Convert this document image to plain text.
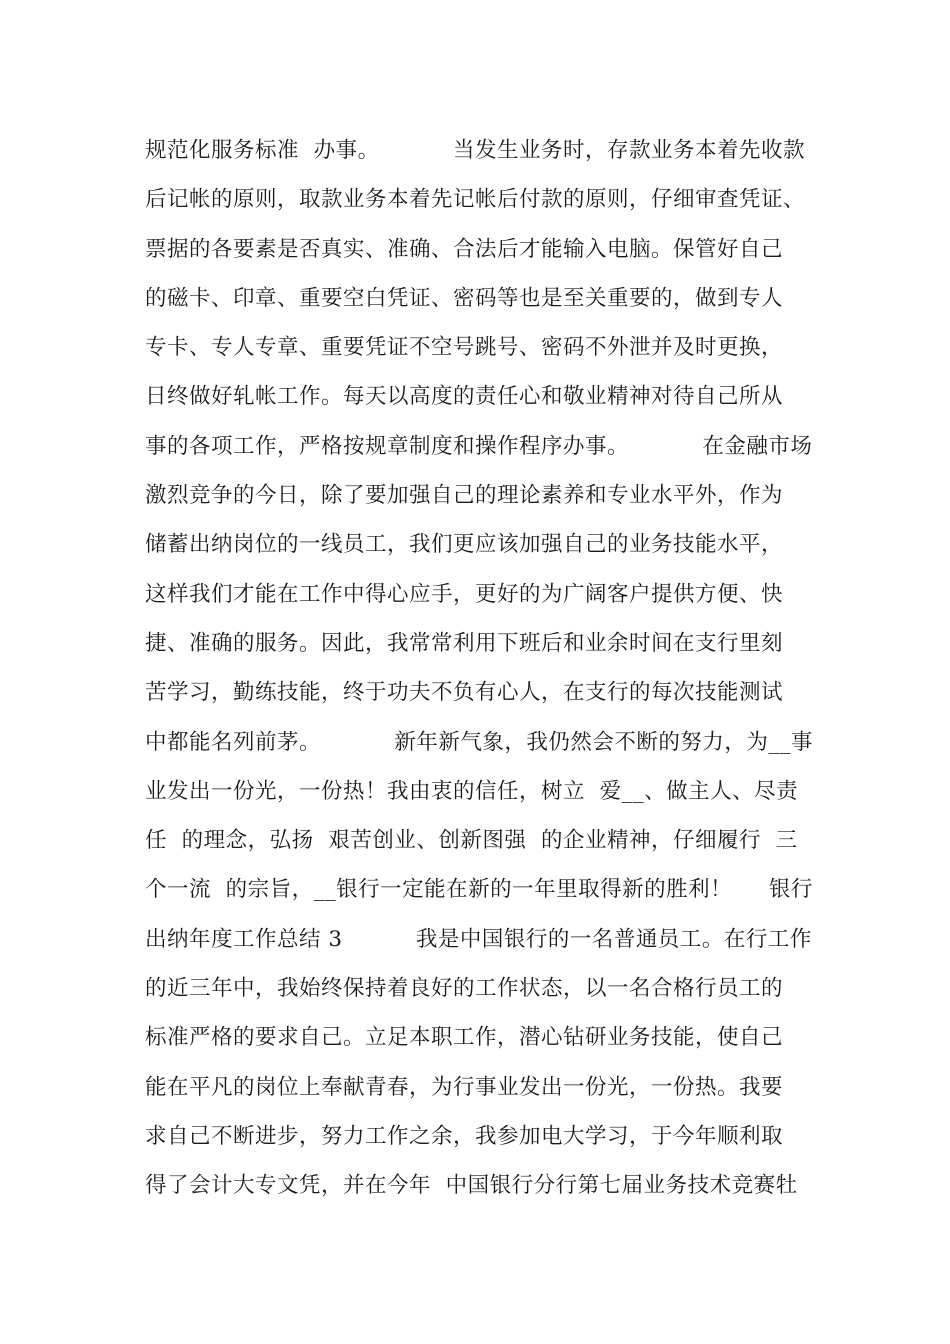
规范化服务标准  办事。          当发生业务时，存款业务本着先收款
后记帐的原则，取款业务本着先记帐后付款的原则，仔细审查凭证、
票据的各要素是否真实、准确、合法后才能输入电脑。保管好自己
的磁卡、印章、重要空白凭证、密码等也是至关重要的，做到专人
专卡、专人专章、重要凭证不空号跳号、密码不外泄并及时更换，
日终做好轧帐工作。每天以高度的责任心和敬业精神对待自己所从
事的各项工作，严格按规章制度和操作程序办事。          在金融市场
激烈竞争的今日，除了要加强自己的理论素养和专业水平外，作为
储蓄出纳岗位的一线员工，我们更应该加强自己的业务技能水平，
这样我们才能在工作中得心应手，更好的为广阔客户提供方便、快
捷、准确的服务。因此，我常常利用下班后和业余时间在支行里刻
苦学习，勤练技能，终于功夫不负有心人，在支行的每次技能测试
中都能名列前茅。          新年新气象，我仍然会不断的努力，为__事
业发出一份光，一份热！我由衷的信任，树立  爱__、做主人、尽责
任  的理念，弘扬  艰苦创业、创新图强  的企业精神，仔细履行  三
个一流  的宗旨，__银行一定能在新的一年里取得新的胜利！     银行
出纳年度工作总结 3          我是中国银行的一名普通员工。在行工作
的近三年中，我始终保持着良好的工作状态，以一名合格行员工的
标准严格的要求自己。立足本职工作，潜心钻研业务技能，使自己
能在平凡的岗位上奉献青春，为行事业发出一份光，一份热。我要
求自己不断进步，努力工作之余，我参加电大学习，于今年顺利取
得了会计大专文凭，并在今年  中国银行分行第七届业务技术竞赛牡
